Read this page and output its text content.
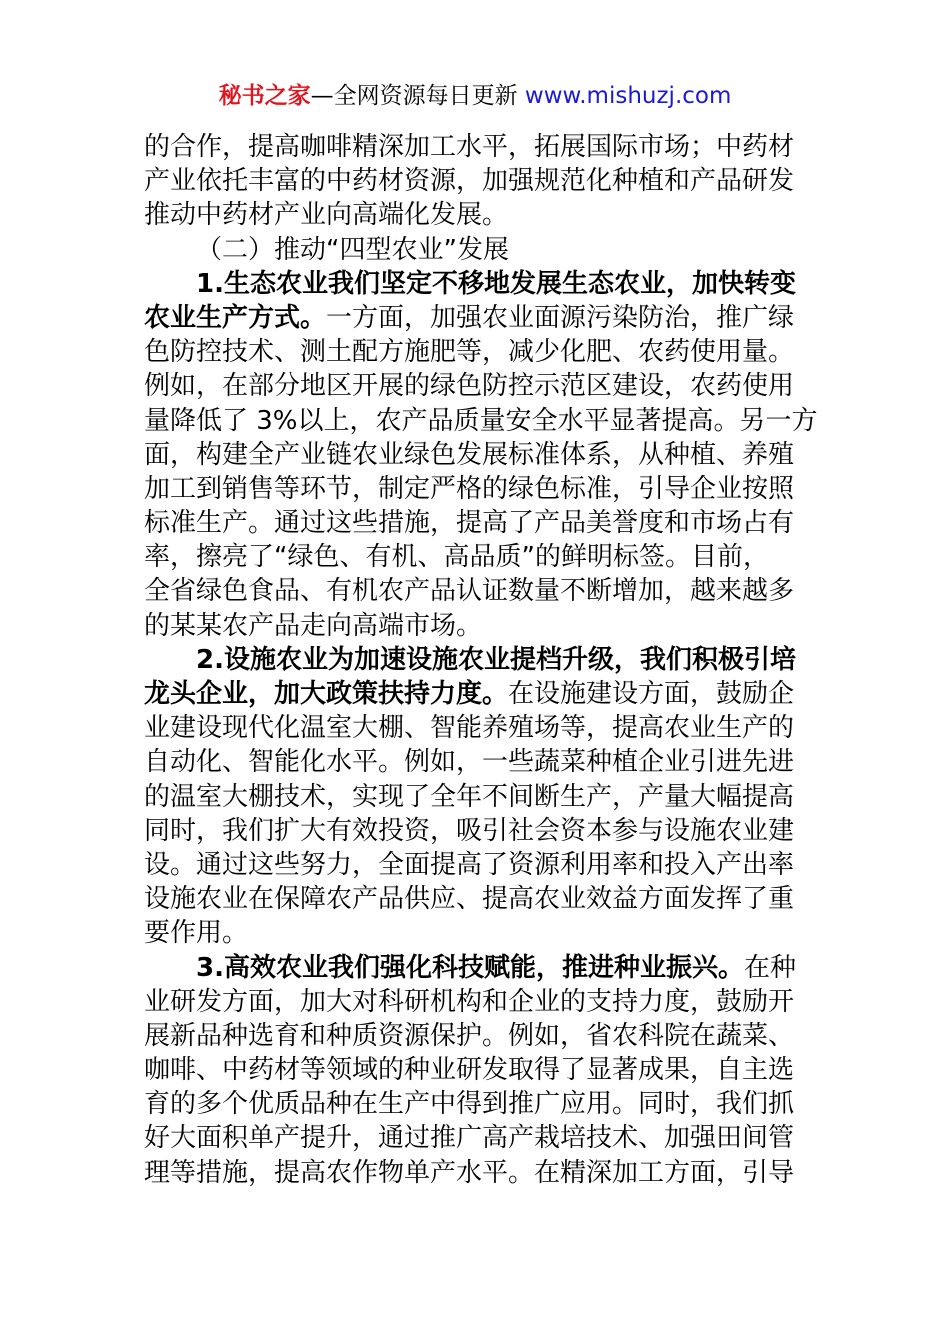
秘书之家—全网资源每日更新 www.mishuzj.com
的合作，提高咖啡精深加工水平，拓展国际市场；中药材
产业依托丰富的中药材资源，加强规范化种植和产品研发
推动中药材产业向高端化发展。
（二）推动“四型农业”发展
1.生态农业我们坚定不移地发展生态农业，加快转变
农业生产方式。一方面，加强农业面源污染防治，推广绿
色防控技术、测土配方施肥等，减少化肥、农药使用量。
例如，在部分地区开展的绿色防控示范区建设，农药使用
量降低了 3%以上，农产品质量安全水平显著提高。另一方
面，构建全产业链农业绿色发展标准体系，从种植、养殖
加工到销售等环节，制定严格的绿色标准，引导企业按照
标准生产。通过这些措施，提高了产品美誉度和市场占有
率，擦亮了“绿色、有机、高品质”的鲜明标签。目前，
全省绿色食品、有机农产品认证数量不断增加，越来越多
的某某农产品走向高端市场。
2.设施农业为加速设施农业提档升级，我们积极引培
龙头企业，加大政策扶持力度。在设施建设方面，鼓励企
业建设现代化温室大棚、智能养殖场等，提高农业生产的
自动化、智能化水平。例如，一些蔬菜种植企业引进先进
的温室大棚技术，实现了全年不间断生产，产量大幅提高
同时，我们扩大有效投资，吸引社会资本参与设施农业建
设。通过这些努力，全面提高了资源利用率和投入产出率
设施农业在保障农产品供应、提高农业效益方面发挥了重
要作用。
3.高效农业我们强化科技赋能，推进种业振兴。在种
业研发方面，加大对科研机构和企业的支持力度，鼓励开
展新品种选育和种质资源保护。例如，省农科院在蔬菜、
咖啡、中药材等领域的种业研发取得了显著成果，自主选
育的多个优质品种在生产中得到推广应用。同时，我们抓
好大面积单产提升，通过推广高产栽培技术、加强田间管
理等措施，提高农作物单产水平。在精深加工方面，引导
